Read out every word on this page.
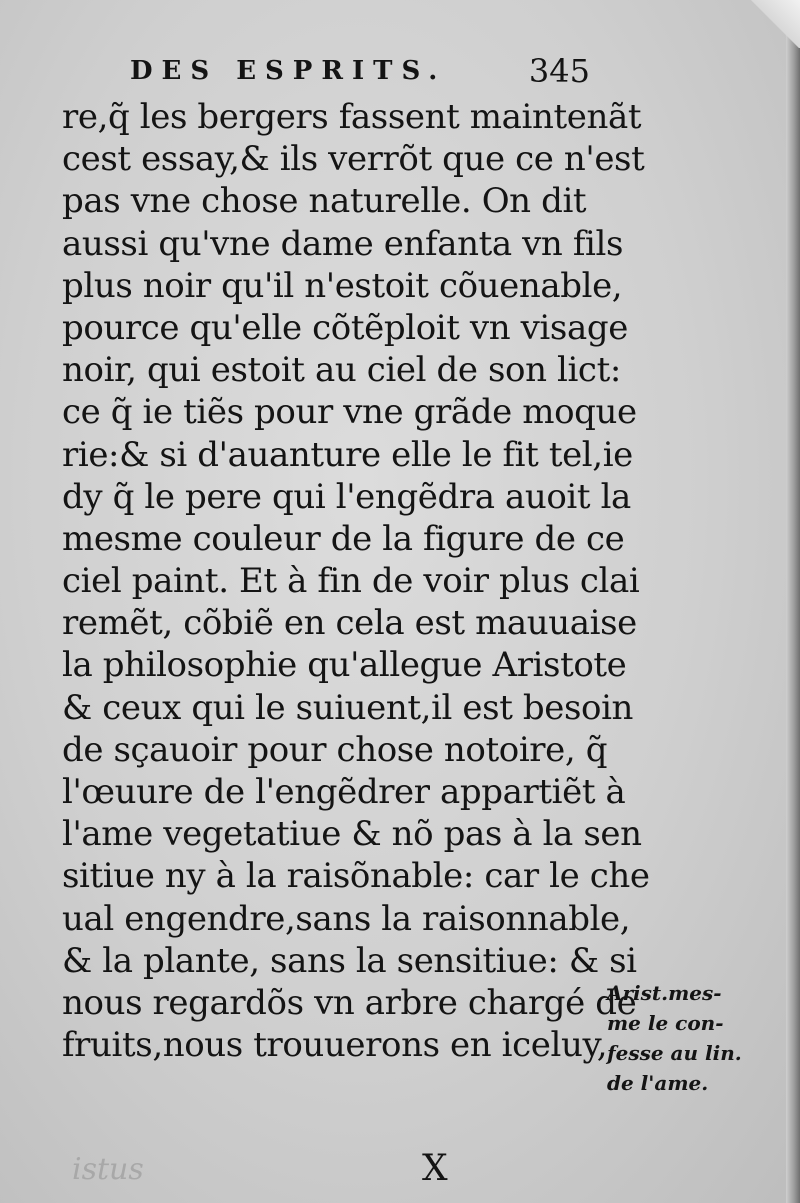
DES ESPRITS.	345
re,q̃ les bergers fassent maintenãt
cest essay,& ils verrõt que ce n'est
pas vne chose naturelle. On dit
aussi qu'vne dame enfanta vn fils
plus noir qu'il n'estoit cõuenable,
pource qu'elle cõtẽploit vn visage
noir, qui estoit au ciel de son lict:
ce q̃ ie tiẽs pour vne grãde moque
rie:& si d'auanture elle le fit tel,ie
dy q̃ le pere qui l'engẽdra auoit la
mesme couleur de la figure de ce
ciel paint. Et à fin de voir plus clai
remẽt, cõbiẽ en cela est mauuaise
la philosophie qu'allegue Aristote
& ceux qui le suiuent,il est besoin
de sçauoir pour chose notoire, q̃
l'œuure de l'engẽdrer appartiẽt à
l'ame vegetatiue & nõ pas à la sen
sitiue ny à la raisõnable: car le che
ual engendre,sans la raisonnable,
& la plante, sans la sensitiue: & si
nous regardõs vn arbre chargé de
fruits,nous trouuerons en iceluy,
Arist.mes-
me le con-
fesse au lin.
de l'ame.
istus	X
